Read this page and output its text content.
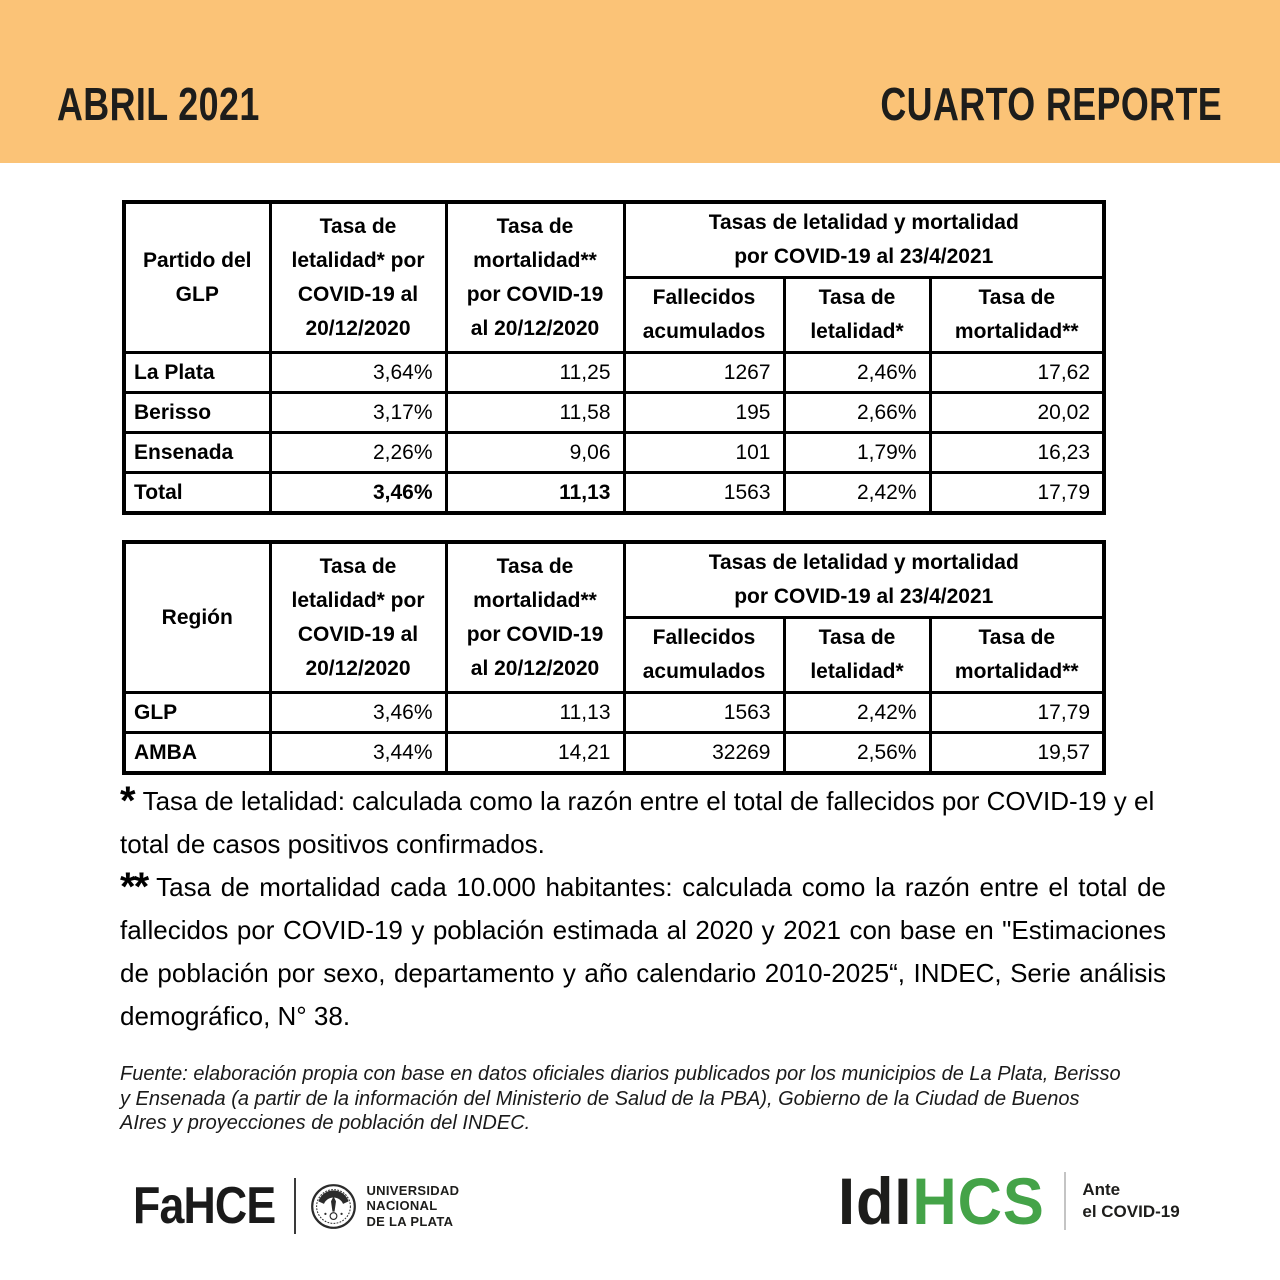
ABRIL 2021	CUARTO REPORTE
Partido del GLP	Tasa de letalidad* por COVID-19 al 20/12/2020	Tasa de mortalidad** por COVID-19 al 20/12/2020	Tasas de letalidad y mortalidad
por COVID-19 al 23/4/2021		

			Fallecidos acumulados	Tasa de letalidad*	Tasa de mortalidad**
La Plata	3,64%	11,25	1267	2,46%	17,62
Berisso	3,17%	11,58	195	2,66%	20,02
Ensenada	2,26%	9,06	101	1,79%	16,23
Total	3,46%	11,13	1563	2,42%	17,79
Región	Tasa de letalidad* por COVID-19 al 20/12/2020	Tasa de mortalidad** por COVID-19 al 20/12/2020	Tasas de letalidad y mortalidad
por COVID-19 al 23/4/2021		

			Fallecidos acumulados	Tasa de letalidad*	Tasa de mortalidad**
GLP	3,46%	11,13	1563	2,42%	17,79
AMBA	3,44%	14,21	32269	2,56%	19,57

* Tasa de letalidad: calculada como la razón entre el total de fallecidos por COVID-19 y el total de casos positivos confirmados.

** Tasa de mortalidad cada 10.000 habitantes: calculada como la razón entre el total de fallecidos por COVID-19 y población estimada al 2020 y 2021 con base en "Estimaciones de población por sexo, departamento y año calendario 2010-2025“, INDEC, Serie análisis demográfico, N° 38.

Fuente: elaboración propia con base en datos oficiales diarios publicados por los municipios de La Plata, Berisso y Ensenada (a partir de la información del Ministerio de Salud de la PBA), Gobierno de la Ciudad de Buenos AIres y proyecciones de población del INDEC.

FaHCE	UNIVERSIDAD
NACIONAL
DE LA PLATA	IdIHCS Ante
el COVID-19
